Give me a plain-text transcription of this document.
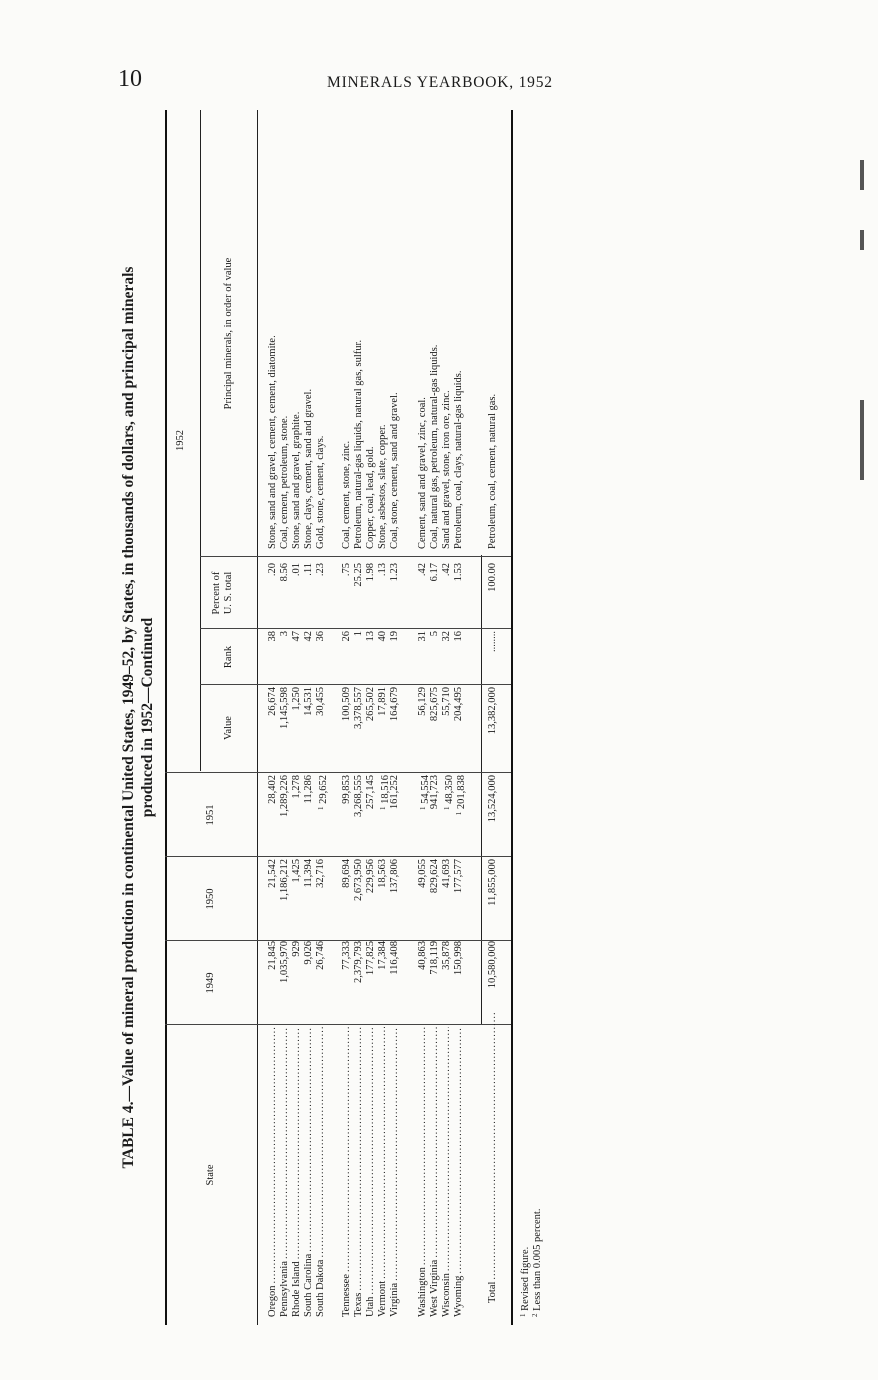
10	MINERALS YEARBOOK, 1952
TABLE 4.—Value of mineral production in continental United States, 1949–52, by States, in thousands of dollars, and principal minerals produced in 1952—Continued
State
1950
1949
1951
1952
Value
Rank
Percent of U. S. total
Principal minerals, in order of value
Oregon .....
21,845
21,542
28,402
26,674
38
.20
Stone, sand and gravel, cement, cement, diatomite.
Pennsylvania .....
1,035,970
1,186,212
1,289,226
1,145,598
3
8.56
Coal, cement, petroleum, stone.
Rhode Island .....
929
1,425
1,278
1,250
47
.01
Stone, sand and gravel, graphite.
South Carolina .....
9,026
11,394
11,286
14,531
42
.11
Stone, clays, cement, sand and gravel.
South Dakota .....
26,746
32,716
$^1$ 29,652
30,455
36
.23
Gold, stone, cement, clays.
Tennessee .....
77,333
89,694
99,853
100,509
26
.75
Coal, cement, stone, zinc.
Texas .....
2,379,793
2,673,950
3,268,555
3,378,557
1
25.25
Petroleum, natural-gas liquids, natural gas, sulfur.
Utah .....
177,825
229,956
257,145
265,502
13
1.98
Copper, coal, lead, gold.
Vermont .....
17,384
18,563
$^1$ 18,516
17,891
40
.13
Stone, asbestos, slate, copper.
Virginia .....
116,408
137,806
161,252
164,679
19
1.23
Coal, stone, cement, sand and gravel.
Washington .....
40,863
49,055
$^1$ 54,554
56,129
31
.42
Cement, sand and gravel, zinc, coal.
West Virginia .....
718,119
829,624
941,723
825,675
5
6.17
Coal, natural gas, petroleum, natural-gas liquids.
Wisconsin .....
35,878
41,693
$^1$ 48,350
55,710
32
.42
Sand and gravel, stone, iron ore, zinc.
Wyoming .....
150,998
177,577
$^1$ 201,838
204,495
16
1.53
Petroleum, coal, clays, natural-gas liquids.
Total .....
10,580,000
11,855,000
13,524,000
13,382,000
........
100.00
Petroleum, coal, cement, natural gas.
$^1$ Revised figure.
$^2$ Less than 0.005 percent.
